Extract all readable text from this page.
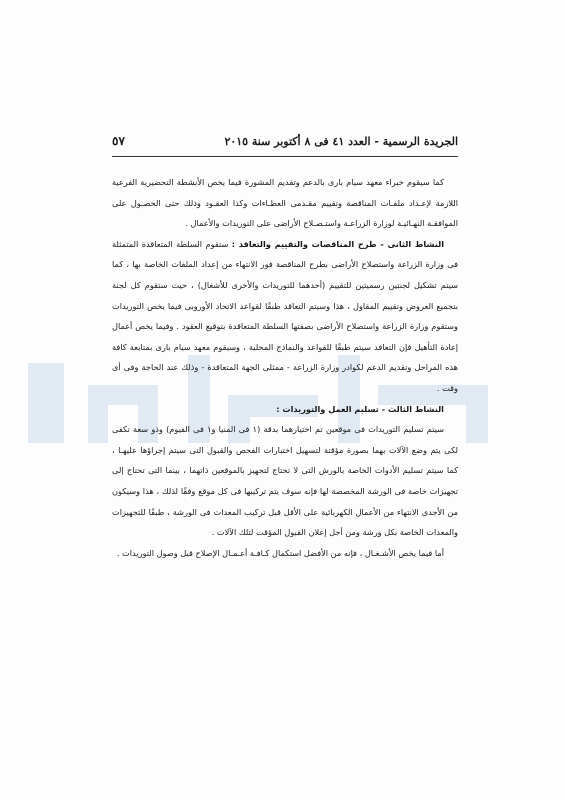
الجريدة الرسمية - العدد ٤١ فى ٨ أكتوبر سنة ٢٠١٥
٥٧

كما سيقوم خبراء معهد سيام بارى بالدعم وتقديم المشورة فيما يخص الأنشطة التحضيرية الفرعية اللازمة لإعـداد ملفـات المناقصة وتقييم مقـدمى العطـاءات وكذا العقـود وذلك حتى الحصـول على الموافقـة النهـائيـة لوزارة الزراعـة واستـصـلاح الأراضى على التوريدات والأعمال .

النشاط الثانى - طرح المناقصات والتقييم والتعاقد : ستقوم السلطة المتعاقدة المتمثلة فى وزارة الزراعة واستصلاح الأراضى بطرح المناقصة فور الانتهاء من إعداد الملفات الخاصة بها ، كما سيتم تشكيل لجنتين رسميتين للتقييم (أحدهما للتوريدات والأخرى للأشغال) ، حيث ستقوم كل لجنة بتجميع العروض وتقييم المقاول ، هذا وسيتم التعاقد طبقًا لقواعد الاتحاد الأوروبى فيما يخص التوريدات وستقوم وزارة الزراعة واستصلاح الأراضى بصفتها السلطة المتعاقدة بتوقيع العقود . وفيما يخص أعمال إعادة التأهيل فإن التعاقد سيتم طبقًا للقواعد والنماذج المحلية ، وسيقوم معهد سيام بارى بمتابعة كافة هذه المراحل وتقديم الدعم لكوادر وزارة الزراعة - ممثلى الجهة المتعاقدة - وذلك عند الحاجة وفى أى وقت .

النشاط الثالث - تسليم العمل والتوريدات :

سيتم تسليم التوريدات فى موقعين تم اختيارهما بدقة (١ فى المنيا و١ فى الفيوم) وذو سعة تكفى لكى يتم وضع الآلات بهما بصورة مؤقتة لتسهيل اختبارات الفحص والقبول التى سيتم إجراؤها عليهـا ، كما سيتم تسليم الأدوات الخاصة بالورش التى لا تحتاج لتجهيز بالموقعين ذاتهما ، بينما التى تحتاج إلى تجهيزات خاصة فى الورشة المخصصة لها فإنه سوف يتم تركيبها فى كل موقع وفقًا لذلك ، هذا وسيكون من الأجدى الانتهاء من الأعمال الكهربائية على الأقل قبل تركيب المعدات فى الورشة ، طبقًا للتجهيزات والمعدات الخاصة بكل ورشة ومن أجل إعلان القبول المؤقت لتلك الآلات .

أما فيما يخص الأشـغـال ، فإنه من الأفضل استكمال كـافـة أعـمـال الإصلاح قبل وصول التوريدات .
